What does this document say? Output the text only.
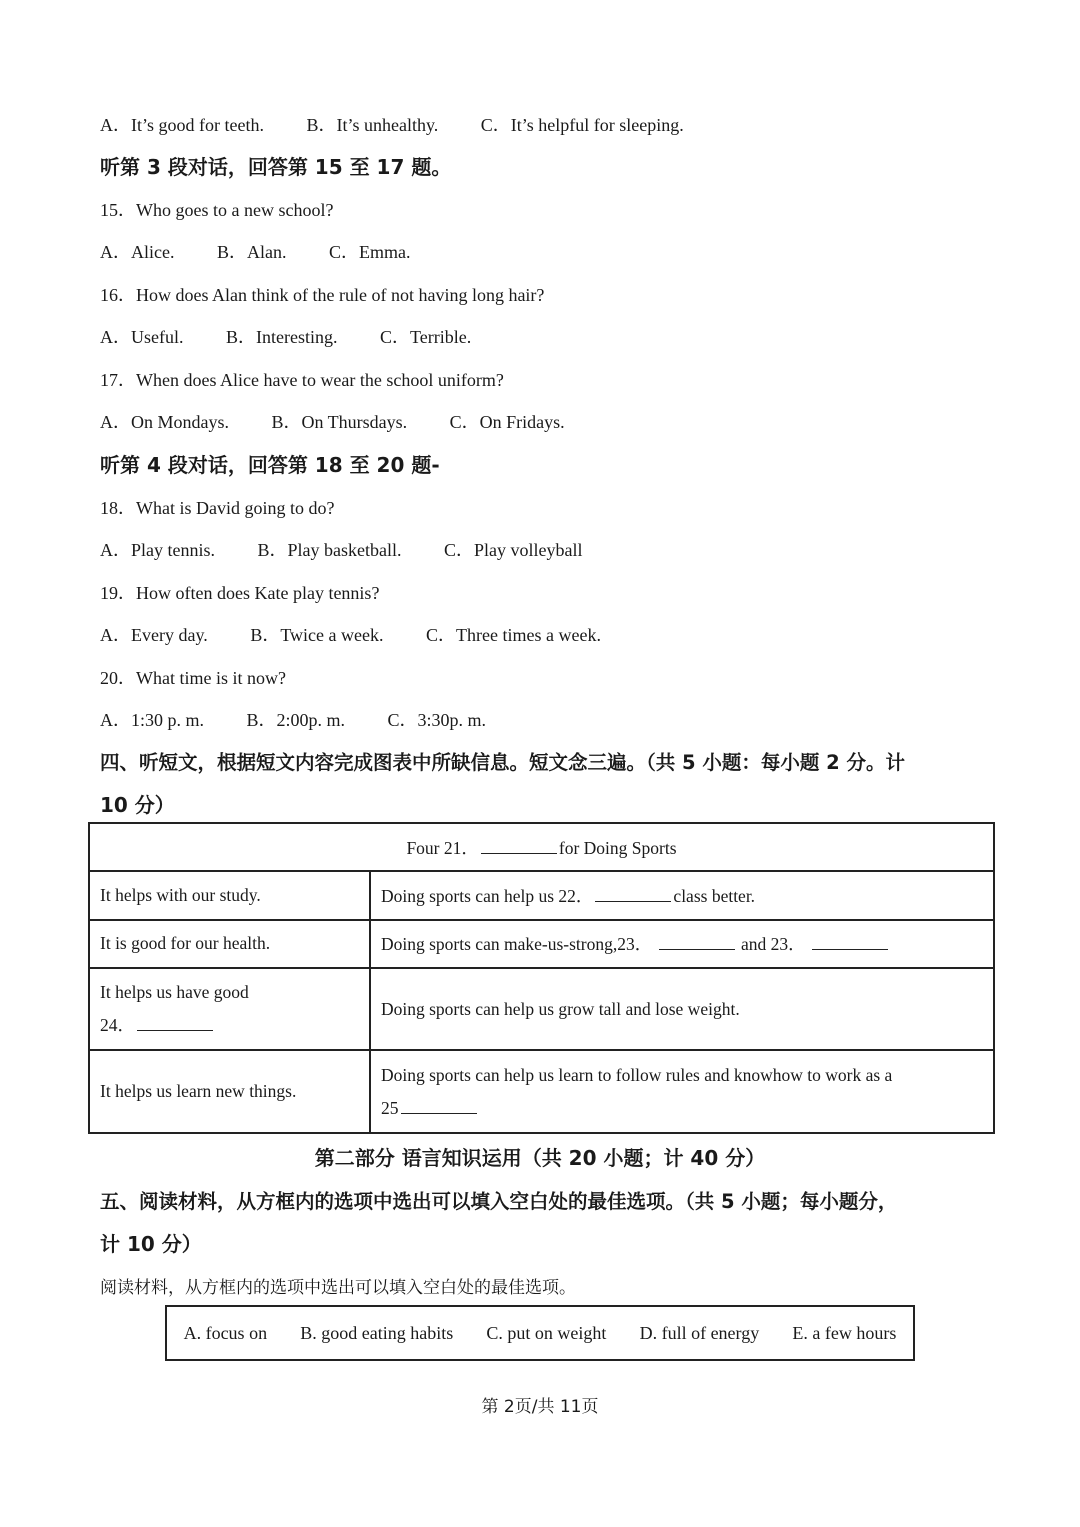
A．It’s good for teeth. B．It’s unhealthy. C．It’s helpful for sleeping.
听第 3 段对话，回答第 15 至 17 题。
15．Who goes to a new school?
A．Alice. B．Alan. C．Emma.
16．How does Alan think of the rule of not having long hair?
A．Useful. B．Interesting. C．Terrible.
17．When does Alice have to wear the school uniform?
A．On Mondays. B．On Thursdays. C．On Fridays.
听第 4 段对话，回答第 18 至 20 题-
18．What is David going to do?
A．Play tennis. B．Play basketball. C．Play volleyball
19．How often does Kate play tennis?
A．Every day. B．Twice a week. C．Three times a week.
20．What time is it now?
A．1:30 p. m. B．2:00p. m. C．3:30p. m.
四、听短文，根据短文内容完成图表中所缺信息。短文念三遍。（共 5 小题：每小题 2 分。计
10 分）
Four 21． for Doing Sports	
It helps with our study.	Doing sports can help us 22． class better.
It is good for our health.	Doing sports can make-us-strong,23． and 23．

It helps us have good
24．	Doing sports can help us grow tall and lose weight.
It helps us learn new things.	Doing sports can help us learn to follow rules and knowhow to work as a
25
第二部分 语言知识运用（共 20 小题；计 40 分）
五、阅读材料，从方框内的选项中选出可以填入空白处的最佳选项。（共 5 小题；每小题分，
计 10 分）
阅读材料，从方框内的选项中选出可以填入空白处的最佳选项。
A. focus on B. good eating habits C. put on weight D. full of energy E. a few hours
第 2页/共 11页
